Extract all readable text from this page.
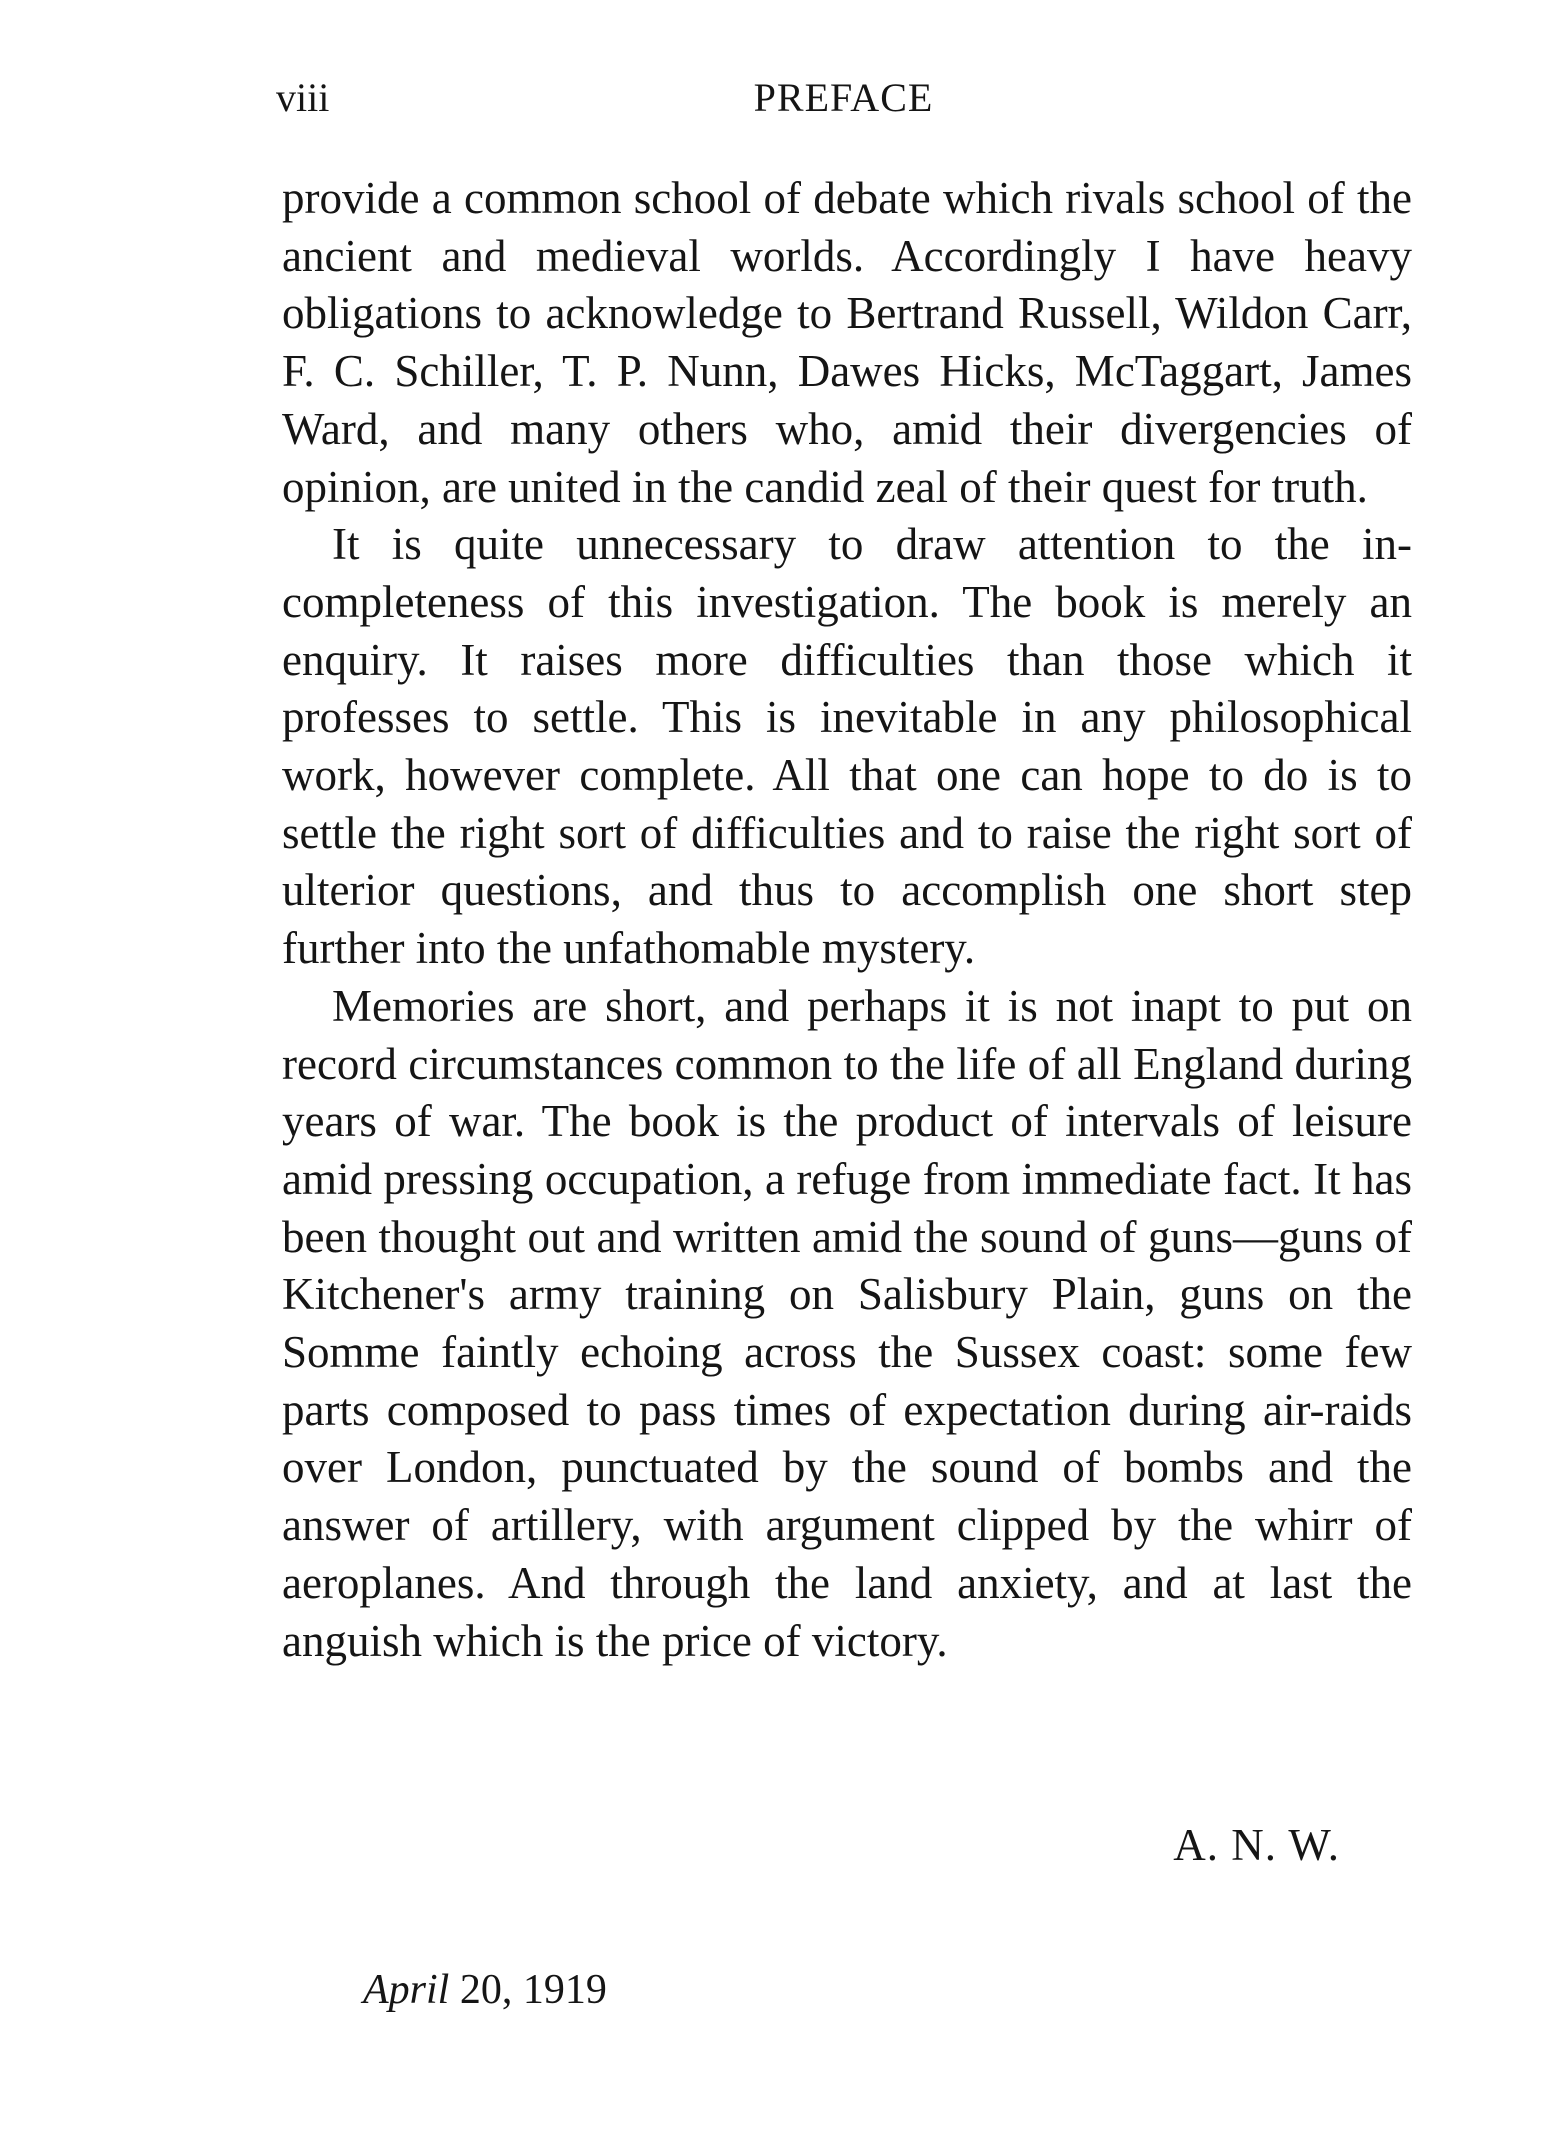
viii	PREFACE

provide a common school of debate which rivals school of the ancient and medieval worlds. Accordingly I have heavy obligations to acknowledge to Bertrand Russell, Wildon Carr, F. C. Schiller, T. P. Nunn, Dawes Hicks, McTaggart, James Ward, and many others who, amid their divergencies of opinion, are united in the candid zeal of their quest for truth.

It is quite unnecessary to draw attention to the incompleteness of this investigation. The book is merely an enquiry. It raises more difficulties than those which it professes to settle. This is inevitable in any philosophical work, however complete. All that one can hope to do is to settle the right sort of difficulties and to raise the right sort of ulterior questions, and thus to accomplish one short step further into the unfathomable mystery.

Memories are short, and perhaps it is not inapt to put on record circumstances common to the life of all England during years of war. The book is the product of intervals of leisure amid pressing occupation, a refuge from immediate fact. It has been thought out and written amid the sound of guns—guns of Kitchener's army training on Salisbury Plain, guns on the Somme faintly echoing across the Sussex coast: some few parts composed to pass times of expectation during air-raids over London, punctuated by the sound of bombs and the answer of artillery, with argument clipped by the whirr of aeroplanes. And through the land anxiety, and at last the anguish which is the price of victory.

A. N. W.
April 20, 1919
